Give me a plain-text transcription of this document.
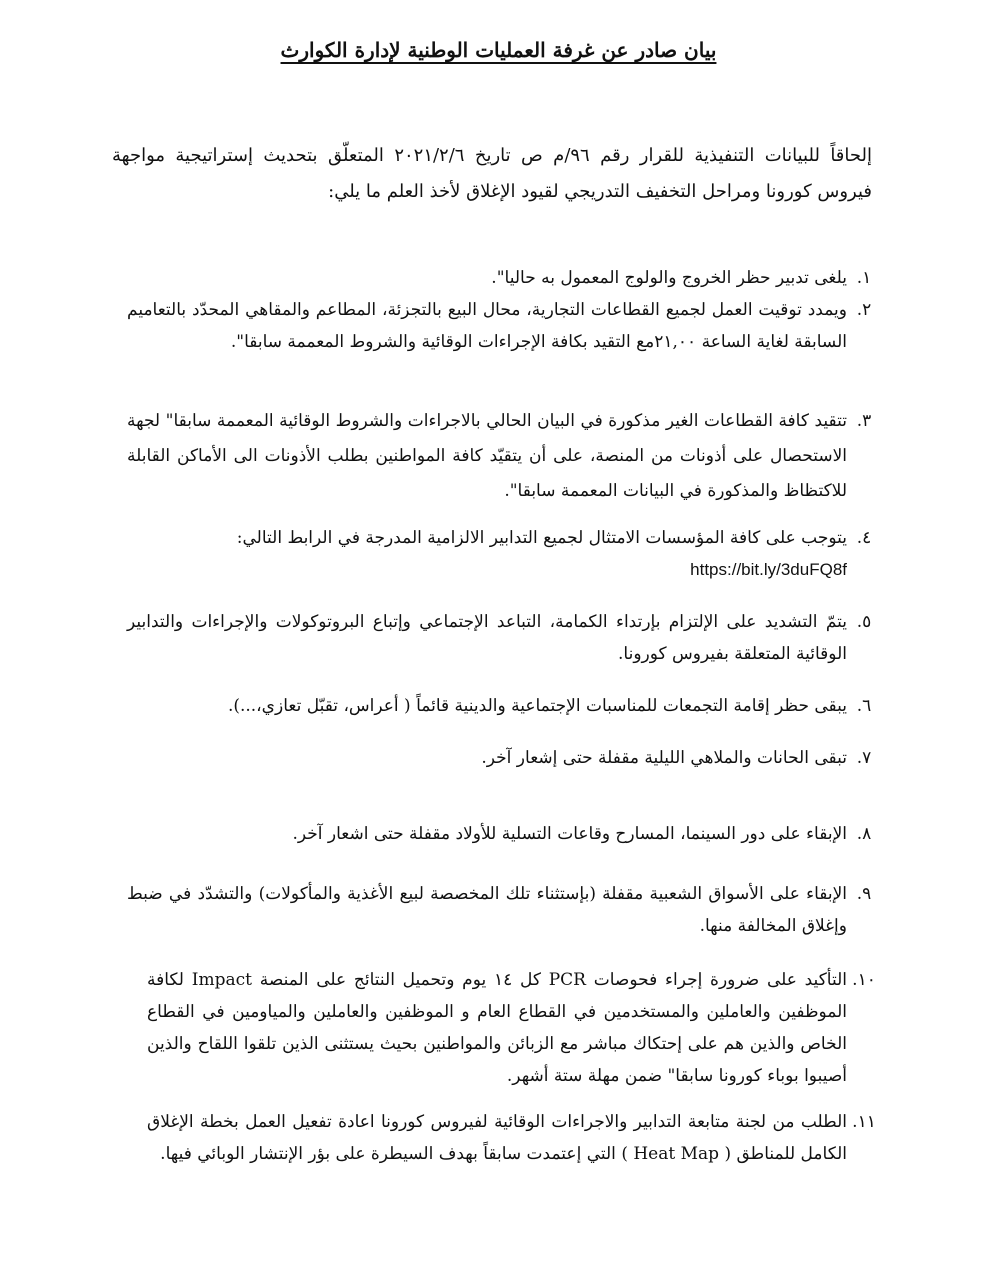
بيان صادر عن غرفة العمليات الوطنية لإدارة الكوارث
إلحاقاً للبيانات التنفيذية للقرار رقم ٩٦/م ص تاريخ ٢٠٢١/٢/٦ المتعلّق بتحديث إستراتيجية مواجهة فيروس كورونا ومراحل التخفيف التدريجي لقيود الإغلاق لأخذ العلم ما يلي:
١.
يلغى تدبير حظر الخروج والولوج المعمول به حاليا".
٢.
ويمدد توقيت العمل لجميع القطاعات التجارية، محال البيع بالتجزئة، المطاعم والمقاهي المحدّد بالتعاميم السابقة لغاية الساعة ٢١,٠٠مع التقيد بكافة الإجراءات الوقائية والشروط المعممة سابقا".
٣.
تتقيد كافة القطاعات الغير مذكورة في البيان الحالي بالاجراءات والشروط الوقائية المعممة سابقا" لجهة الاستحصال على أذونات من المنصة، على أن يتقيّد كافة المواطنين بطلب الأذونات الى الأماكن القابلة للاكتظاظ والمذكورة في البيانات المعممة سابقا".
٤.
يتوجب على كافة المؤسسات الامتثال لجميع التدابير الالزامية المدرجة في الرابط التالي:
https://bit.ly/3duFQ8f
٥.
يتمّ التشديد على الإلتزام بإرتداء الكمامة، التباعد الإجتماعي وإتباع البروتوكولات والإجراءات والتدابير الوقائية المتعلقة بفيروس كورونا.
٦.
يبقى حظر إقامة التجمعات للمناسبات الإجتماعية والدينية قائماً ( أعراس، تقبّل تعازي،...).
٧.
تبقى الحانات والملاهي الليلية مقفلة حتى إشعار آخر.
٨.
الإبقاء على دور السينما، المسارح وقاعات التسلية للأولاد مقفلة حتى اشعار آخر.
٩.
الإبقاء على الأسواق الشعبية مقفلة (بإستثناء تلك المخصصة لبيع الأغذية والمأكولات) والتشدّد في ضبط وإغلاق المخالفة منها.
١٠.
التأكيد على ضرورة إجراء فحوصات PCR كل ١٤ يوم وتحميل النتائج على المنصة Impact لكافة الموظفين والعاملين والمستخدمين في القطاع العام و الموظفين والعاملين والمياومين في القطاع الخاص والذين هم على إحتكاك مباشر مع الزبائن والمواطنين بحيث يستثنى الذين تلقوا اللقاح والذين أصيبوا بوباء كورونا سابقا" ضمن مهلة ستة أشهر.
١١.
الطلب من لجنة متابعة التدابير والاجراءات الوقائية لفيروس كورونا اعادة تفعيل العمل بخطة الإغلاق الكامل للمناطق ( Heat Map ) التي إعتمدت سابقاً بهدف السيطرة على بؤر الإنتشار الوبائي فيها.
